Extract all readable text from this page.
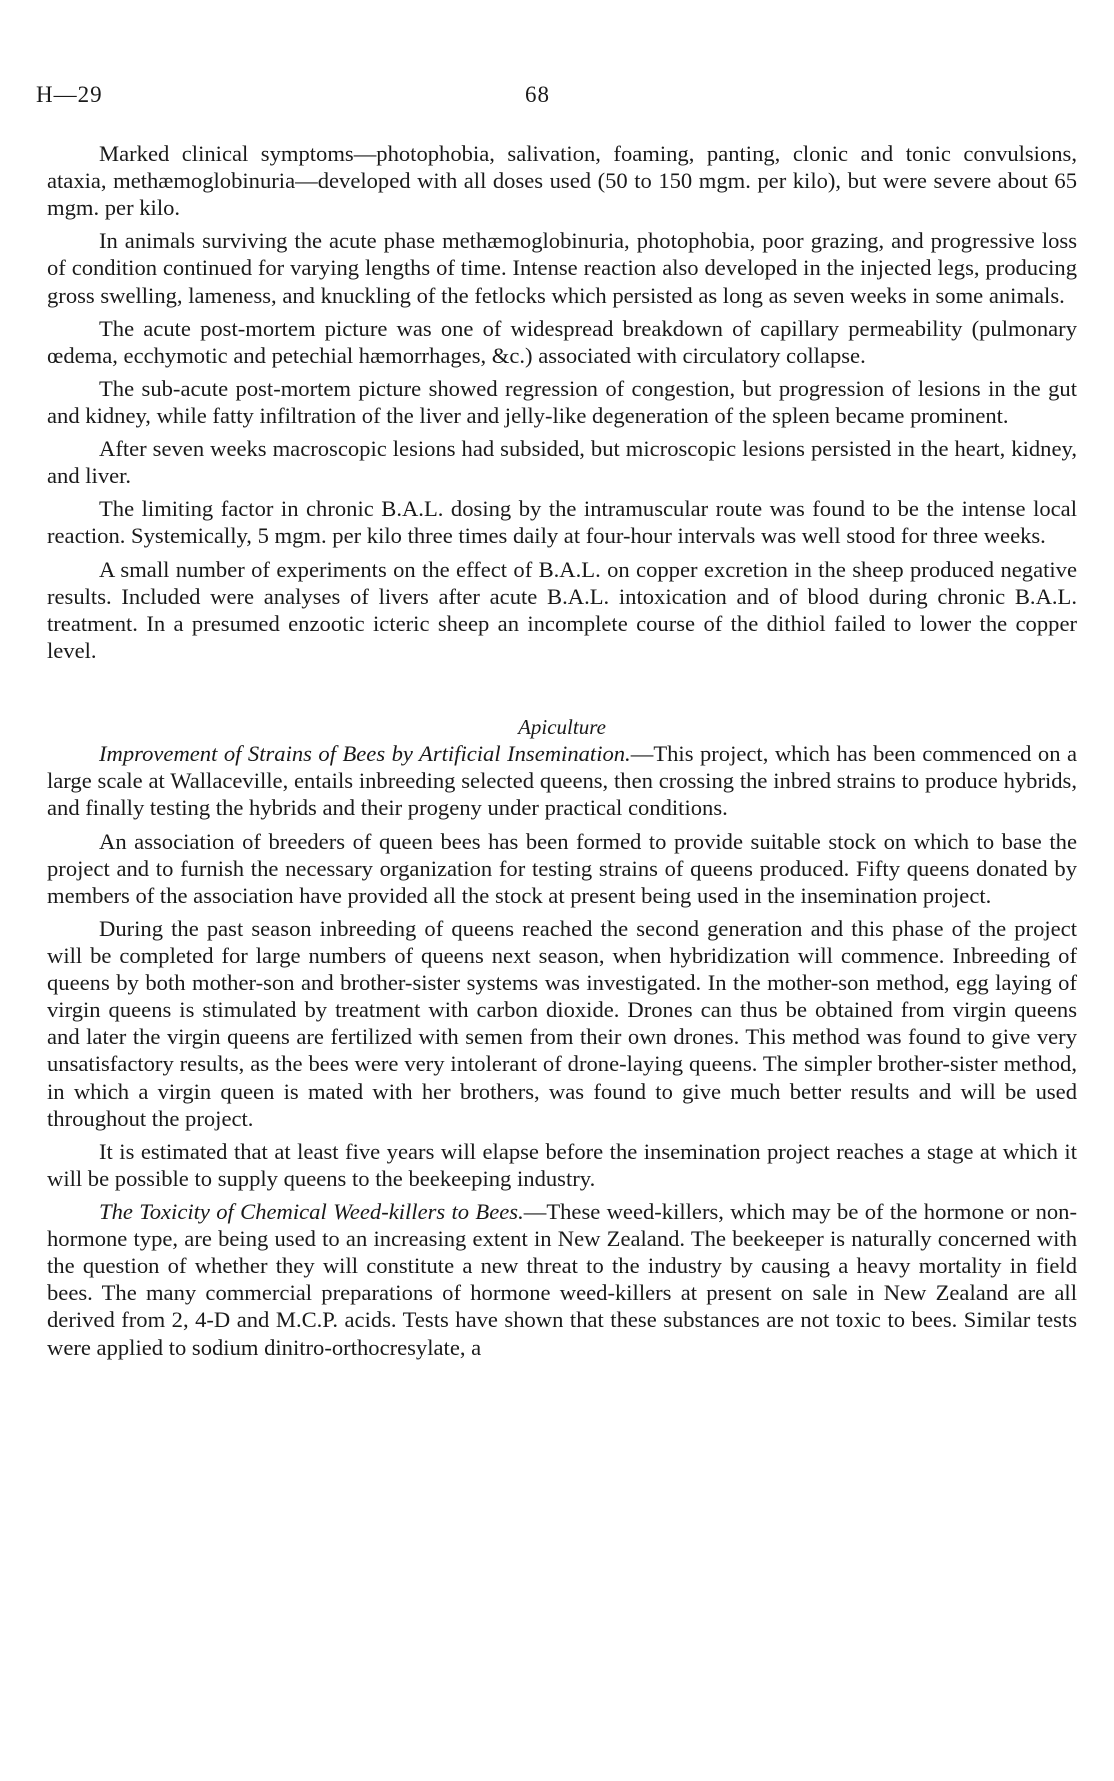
H—29	68

Marked clinical symptoms—photophobia, salivation, foaming, panting, clonic and tonic convulsions, ataxia, methæmoglobinuria—developed with all doses used (50 to 150 mgm. per kilo), but were severe about 65 mgm. per kilo.

In animals surviving the acute phase methæmoglobinuria, photophobia, poor grazing, and progressive loss of condition continued for varying lengths of time. Intense reaction also developed in the injected legs, producing gross swelling, lameness, and knuckling of the fetlocks which persisted as long as seven weeks in some animals.

The acute post-mortem picture was one of widespread breakdown of capillary permeability (pulmonary œdema, ecchymotic and petechial hæmorrhages, &c.) associated with circulatory collapse.

The sub-acute post-mortem picture showed regression of congestion, but progression of lesions in the gut and kidney, while fatty infiltration of the liver and jelly-like degeneration of the spleen became prominent.

After seven weeks macroscopic lesions had subsided, but microscopic lesions persisted in the heart, kidney, and liver.

The limiting factor in chronic B.A.L. dosing by the intramuscular route was found to be the intense local reaction. Systemically, 5 mgm. per kilo three times daily at four-hour intervals was well stood for three weeks.

A small number of experiments on the effect of B.A.L. on copper excretion in the sheep produced negative results. Included were analyses of livers after acute B.A.L. intoxication and of blood during chronic B.A.L. treatment. In a presumed enzootic icteric sheep an incomplete course of the dithiol failed to lower the copper level.

Apiculture

Improvement of Strains of Bees by Artificial Insemination.—This project, which has been commenced on a large scale at Wallaceville, entails inbreeding selected queens, then crossing the inbred strains to produce hybrids, and finally testing the hybrids and their progeny under practical conditions.

An association of breeders of queen bees has been formed to provide suitable stock on which to base the project and to furnish the necessary organization for testing strains of queens produced. Fifty queens donated by members of the association have provided all the stock at present being used in the insemination project.

During the past season inbreeding of queens reached the second generation and this phase of the project will be completed for large numbers of queens next season, when hybridization will commence. Inbreeding of queens by both mother-son and brother-sister systems was investigated. In the mother-son method, egg laying of virgin queens is stimulated by treatment with carbon dioxide. Drones can thus be obtained from virgin queens and later the virgin queens are fertilized with semen from their own drones. This method was found to give very unsatisfactory results, as the bees were very intolerant of drone-laying queens. The simpler brother-sister method, in which a virgin queen is mated with her brothers, was found to give much better results and will be used throughout the project.

It is estimated that at least five years will elapse before the insemination project reaches a stage at which it will be possible to supply queens to the beekeeping industry.

The Toxicity of Chemical Weed-killers to Bees.—These weed-killers, which may be of the hormone or non-hormone type, are being used to an increasing extent in New Zealand. The beekeeper is naturally concerned with the question of whether they will constitute a new threat to the industry by causing a heavy mortality in field bees. The many commercial preparations of hormone weed-killers at present on sale in New Zealand are all derived from 2, 4-D and M.C.P. acids. Tests have shown that these substances are not toxic to bees. Similar tests were applied to sodium dinitro-orthocresylate, a
